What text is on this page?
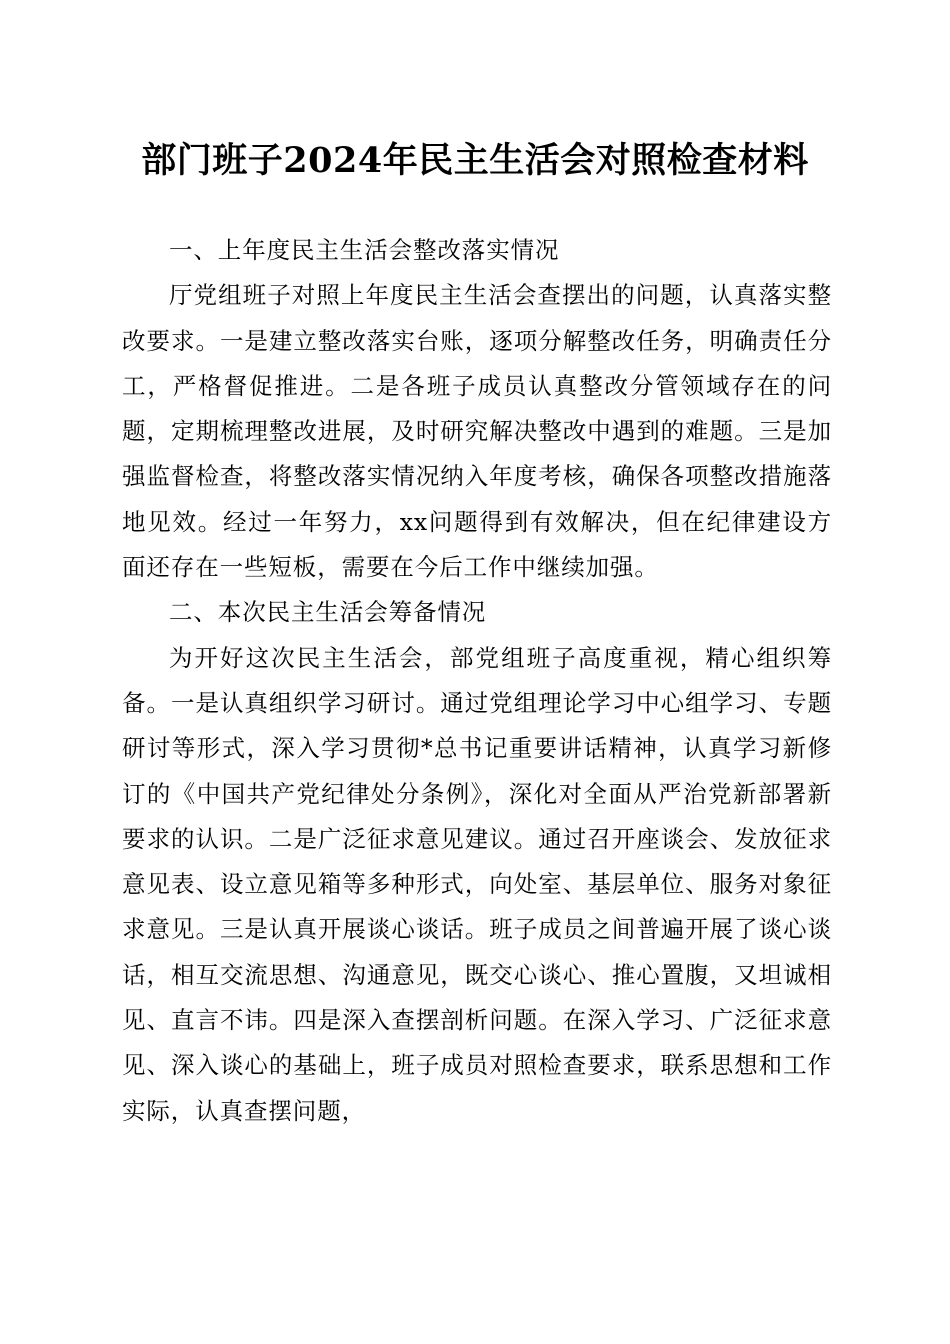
部门班子2024年民主生活会对照检查材料
一、上年度民主生活会整改落实情况

厅党组班子对照上年度民主生活会查摆出的问题，认真落实整改要求。一是建立整改落实台账，逐项分解整改任务，明确责任分工，严格督促推进。二是各班子成员认真整改分管领域存在的问题，定期梳理整改进展，及时研究解决整改中遇到的难题。三是加强监督检查，将整改落实情况纳入年度考核，确保各项整改措施落地见效。经过一年努力，xx问题得到有效解决，但在纪律建设方面还存在一些短板，需要在今后工作中继续加强。

二、本次民主生活会筹备情况

为开好这次民主生活会，部党组班子高度重视，精心组织筹备。一是认真组织学习研讨。通过党组理论学习中心组学习、专题研讨等形式，深入学习贯彻*总书记重要讲话精神，认真学习新修订的《中国共产党纪律处分条例》，深化对全面从严治党新部署新要求的认识。二是广泛征求意见建议。通过召开座谈会、发放征求意见表、设立意见箱等多种形式，向处室、基层单位、服务对象征求意见。三是认真开展谈心谈话。班子成员之间普遍开展了谈心谈话，相互交流思想、沟通意见，既交心谈心、推心置腹，又坦诚相见、直言不讳。四是深入查摆剖析问题。在深入学习、广泛征求意见、深入谈心的基础上，班子成员对照检查要求，联系思想和工作实际，认真查摆问题，
